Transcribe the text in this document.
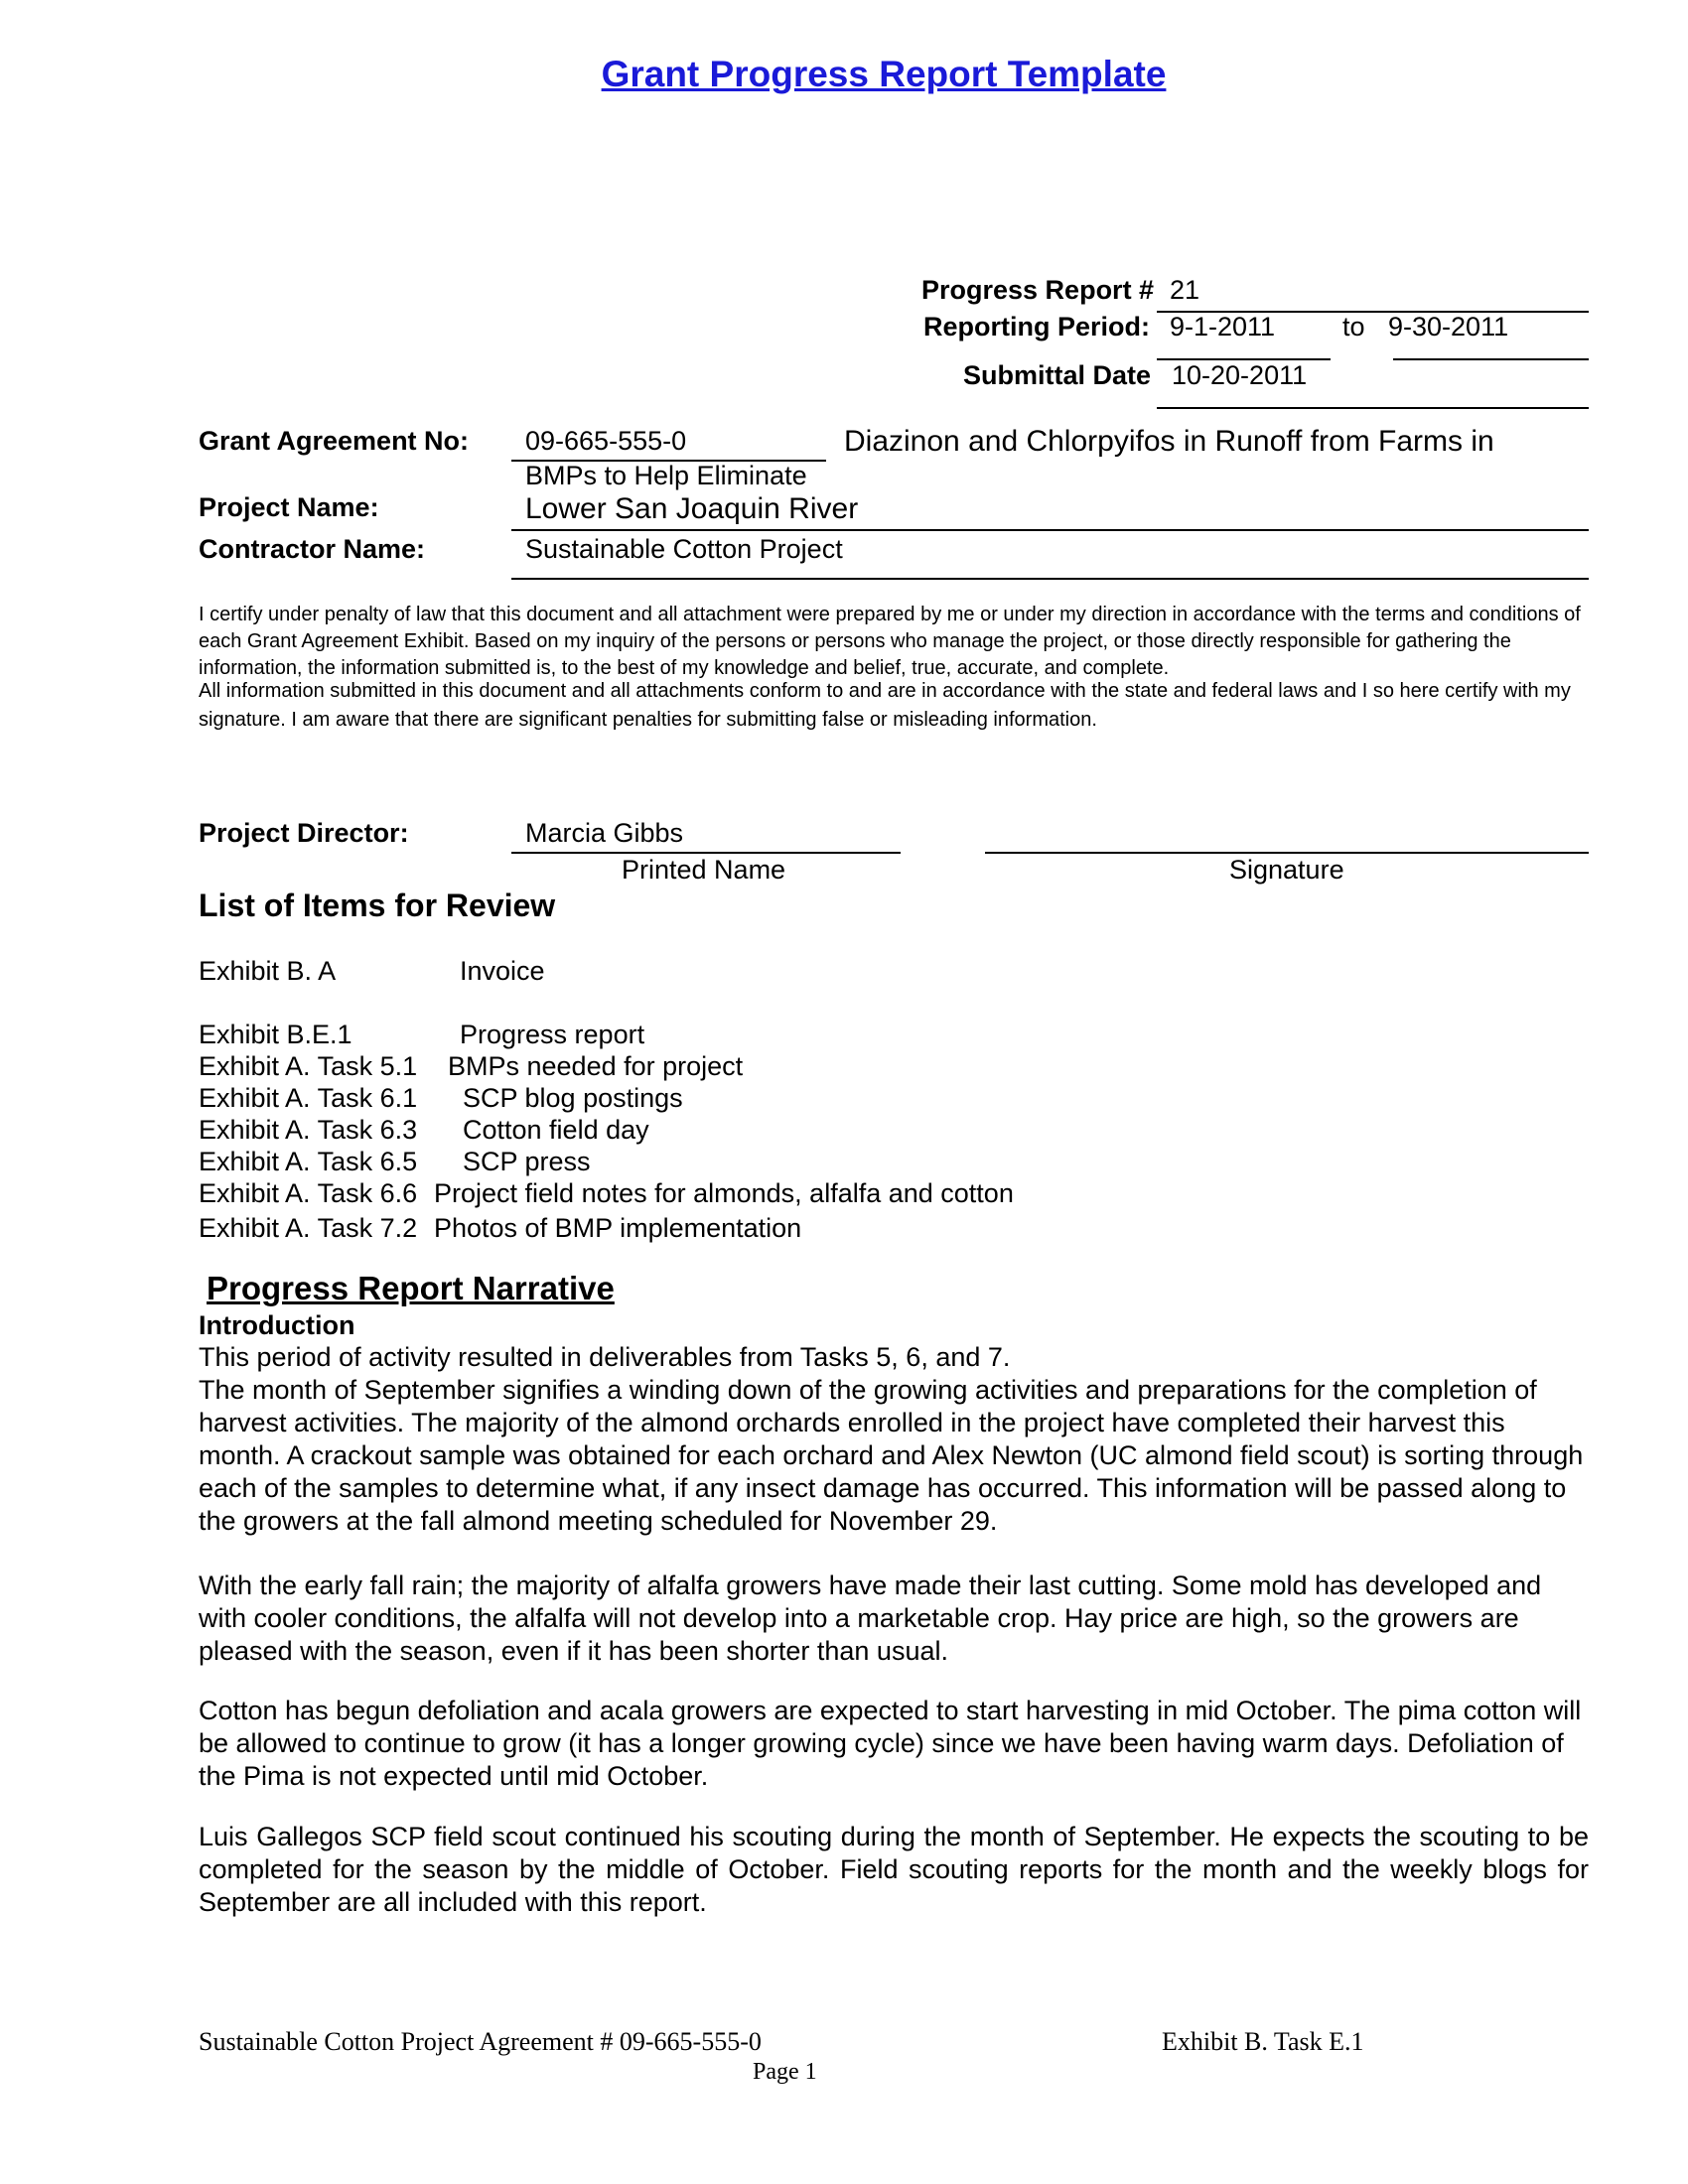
Grant Progress Report Template
Progress Report # 21
Reporting Period: 9-1-2011	to 9-30-2011
Submittal Date 10-20-2011
Grant Agreement No: 09-665-555-0	Diazinon and Chlorpyifos in Runoff from Farms in
BMPs to Help Eliminate
Project Name:	Lower San Joaquin River
Contractor Name:	Sustainable Cotton Project
I certify under penalty of law that this document and all attachment were prepared by me or under my direction in accordance with the terms and conditions of each Grant Agreement Exhibit. Based on my inquiry of the persons or persons who manage the project, or those directly responsible for gathering the information, the information submitted is, to the best of my knowledge and belief, true, accurate, and complete.
All information submitted in this document and all attachments conform to and are in accordance with the state and federal laws and I so here certify with my signature. I am aware that there are significant penalties for submitting false or misleading information.
Project Director:	Marcia Gibbs
Printed Name	Signature
List of Items for Review
Exhibit B. A	Invoice
Exhibit B.E.1	Progress report
Exhibit A. Task 5.1 BMPs needed for project
Exhibit A. Task 6.1 SCP blog postings
Exhibit A. Task 6.3 Cotton field day
Exhibit A. Task 6.5 SCP press
Exhibit A. Task 6.6 Project field notes for almonds, alfalfa and cotton
Exhibit A. Task 7.2 Photos of BMP implementation
Progress Report Narrative
Introduction
This period of activity resulted in deliverables from Tasks 5, 6, and 7.
The month of September signifies a winding down of the growing activities and preparations for the completion of harvest activities. The majority of the almond orchards enrolled in the project have completed their harvest this month. A crackout sample was obtained for each orchard and Alex Newton (UC almond field scout) is sorting through each of the samples to determine what, if any insect damage has occurred. This information will be passed along to the growers at the fall almond meeting scheduled for November 29.
With the early fall rain; the majority of alfalfa growers have made their last cutting. Some mold has developed and with cooler conditions, the alfalfa will not develop into a marketable crop. Hay price are high, so the growers are pleased with the season, even if it has been shorter than usual.
Cotton has begun defoliation and acala growers are expected to start harvesting in mid October. The pima cotton will be allowed to continue to grow (it has a longer growing cycle) since we have been having warm days. Defoliation of the Pima is not expected until mid October.
Luis Gallegos SCP field scout continued his scouting during the month of September. He expects the scouting to be completed for the season by the middle of October. Field scouting reports for the month and the weekly blogs for September are all included with this report.
Sustainable Cotton Project Agreement # 09-665-555-0	Exhibit B. Task E.1
Page 1
